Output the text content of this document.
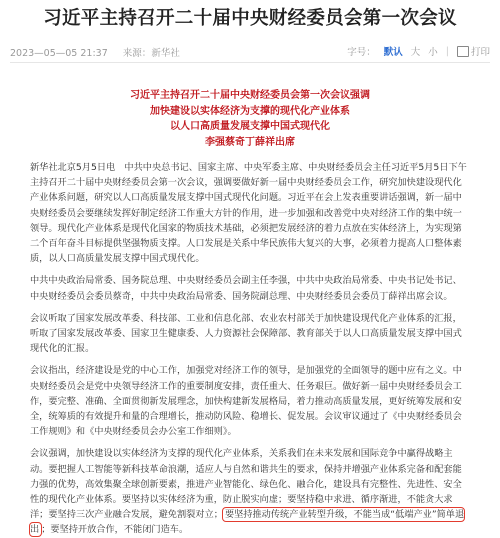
习近平主持召开二十届中央财经委员会第一次会议
2023—05—05 21:37 来源：新华社	字号： 默认 大 小 |	打印
习近平主持召开二十届中央财经委员会第一次会议强调
加快建设以实体经济为支撑的现代化产业体系
以人口高质量发展支撑中国式现代化
李强蔡奇丁薛祥出席

新华社北京5月5日电　中共中央总书记、国家主席、中央军委主席、中央财经委员会主任习近平5月5日下午主持召开二十届中央财经委员会第一次会议，强调要做好新一届中央财经委员会工作，研究加快建设现代化产业体系问题，研究以人口高质量发展支撑中国式现代化问题。习近平在会上发表重要讲话强调，新一届中央财经委员会要继续发挥好制定经济工作重大方针的作用，进一步加强和改善党中央对经济工作的集中统一领导。现代化产业体系是现代化国家的物质技术基础，必须把发展经济的着力点放在实体经济上，为实现第二个百年奋斗目标提供坚强物质支撑。人口发展是关系中华民族伟大复兴的大事，必须着力提高人口整体素质，以人口高质量发展支撑中国式现代化。

中共中央政治局常委、国务院总理、中央财经委员会副主任李强，中共中央政治局常委、中央书记处书记、中央财经委员会委员蔡奇，中共中央政治局常委、国务院副总理、中央财经委员会委员丁薛祥出席会议。

会议听取了国家发展改革委、科技部、工业和信息化部、农业农村部关于加快建设现代化产业体系的汇报，听取了国家发展改革委、国家卫生健康委、人力资源社会保障部、教育部关于以人口高质量发展支撑中国式现代化的汇报。

会议指出，经济建设是党的中心工作，加强党对经济工作的领导，是加强党的全面领导的题中应有之义。中央财经委员会是党中央领导经济工作的重要制度安排，责任重大、任务艰巨。做好新一届中央财经委员会工作，要完整、准确、全面贯彻新发展理念，加快构建新发展格局，着力推动高质量发展，更好统筹发展和安全，统筹质的有效提升和量的合理增长，推动防风险、稳增长、促发展。会议审议通过了《中央财经委员会工作规则》和《中央财经委员会办公室工作细则》。

会议强调，加快建设以实体经济为支撑的现代化产业体系，关系我们在未来发展和国际竞争中赢得战略主动。要把握人工智能等新科技革命浪潮，适应人与自然和谐共生的要求，保持并增强产业体系完备和配套能力强的优势，高效集聚全球创新要素，推进产业智能化、绿色化、融合化，建设具有完整性、先进性、安全性的现代化产业体系。要坚持以实体经济为重，防止脱实向虚；要坚持稳中求进、循序渐进，不能贪大求洋；要坚持三次产业融合发展，避免割裂对立； 要坚持推动传统产业转型升级，不能当成“低端产业”简单退出 ；要坚持开放合作，不能闭门造车。
